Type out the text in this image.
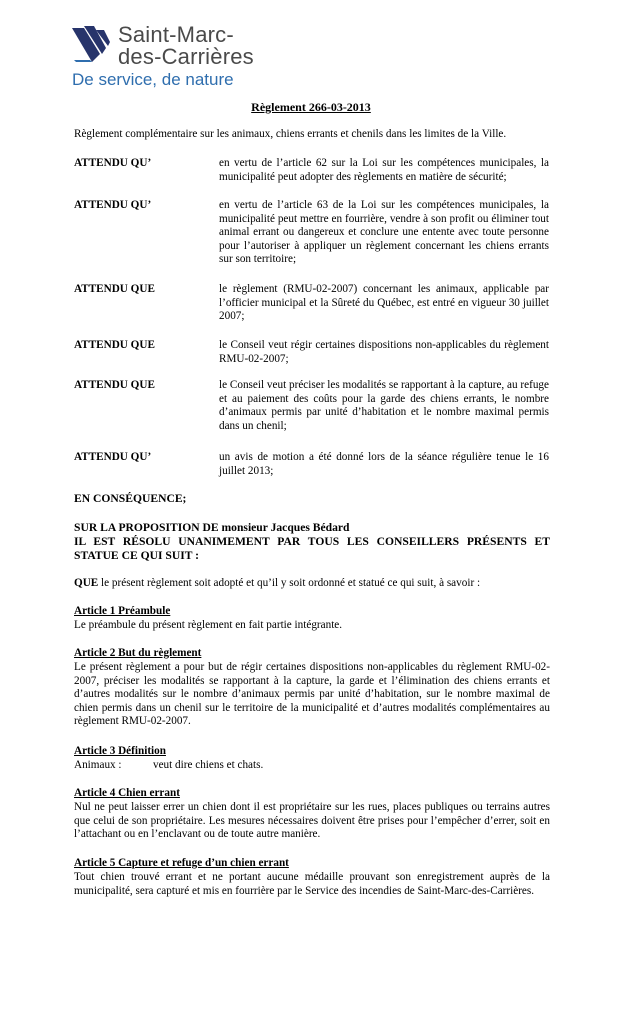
Saint-Marc-
des-Carrières
De service, de nature
Règlement 266-03-2013
Règlement complémentaire sur les animaux, chiens errants et chenils dans les limites de la Ville.
ATTENDU QU’	en vertu de l’article 62 sur la Loi sur les compétences municipales, la municipalité peut adopter des règlements en matière de sécurité;
ATTENDU QU’	en vertu de l’article 63 de la Loi sur les compétences municipales, la municipalité peut mettre en fourrière, vendre à son profit ou éliminer tout animal errant ou dangereux et conclure une entente avec toute personne pour l’autoriser à appliquer un règlement concernant les chiens errants sur son territoire;
ATTENDU QUE	le règlement (RMU-02-2007) concernant les animaux, applicable par l’officier municipal et la Sûreté du Québec, est entré en vigueur 30 juillet 2007;
ATTENDU QUE	le Conseil veut régir certaines dispositions non-applicables du règlement RMU-02-2007;
ATTENDU QUE	le Conseil veut préciser les modalités se rapportant à la capture, au refuge et au paiement des coûts pour la garde des chiens errants, le nombre d’animaux permis par unité d’habitation et le nombre maximal permis dans un chenil;
ATTENDU QU’	un avis de motion a été donné lors de la séance régulière tenue le 16 juillet 2013;
EN CONSÉQUENCE;
SUR LA PROPOSITION DE monsieur Jacques Bédard
IL EST RÉSOLU UNANIMEMENT PAR TOUS LES CONSEILLERS PRÉSENTS ET STATUE CE QUI SUIT :
QUE le présent règlement soit adopté et qu’il y soit ordonné et statué ce qui suit, à savoir :
Article 1 Préambule
Le préambule du présent règlement en fait partie intégrante.
Article 2 But du règlement
Le présent règlement a pour but de régir certaines dispositions non-applicables du règlement RMU-02-2007, préciser les modalités se rapportant à la capture, la garde et l’élimination des chiens errants et d’autres modalités sur le nombre d’animaux permis par unité d’habitation, sur le nombre maximal de chien permis dans un chenil sur le territoire de la municipalité et d’autres modalités complémentaires au règlement RMU-02-2007.
Article 3 Définition
Animaux :	veut dire chiens et chats.
Article 4 Chien errant
Nul ne peut laisser errer un chien dont il est propriétaire sur les rues, places publiques ou terrains autres que celui de son propriétaire. Les mesures nécessaires doivent être prises pour l’empêcher d’errer, soit en l’attachant ou en l’enclavant ou de toute autre manière.
Article 5 Capture et refuge d’un chien errant
Tout chien trouvé errant et ne portant aucune médaille prouvant son enregistrement auprès de la municipalité, sera capturé et mis en fourrière par le Service des incendies de Saint-Marc-des-Carrières.
